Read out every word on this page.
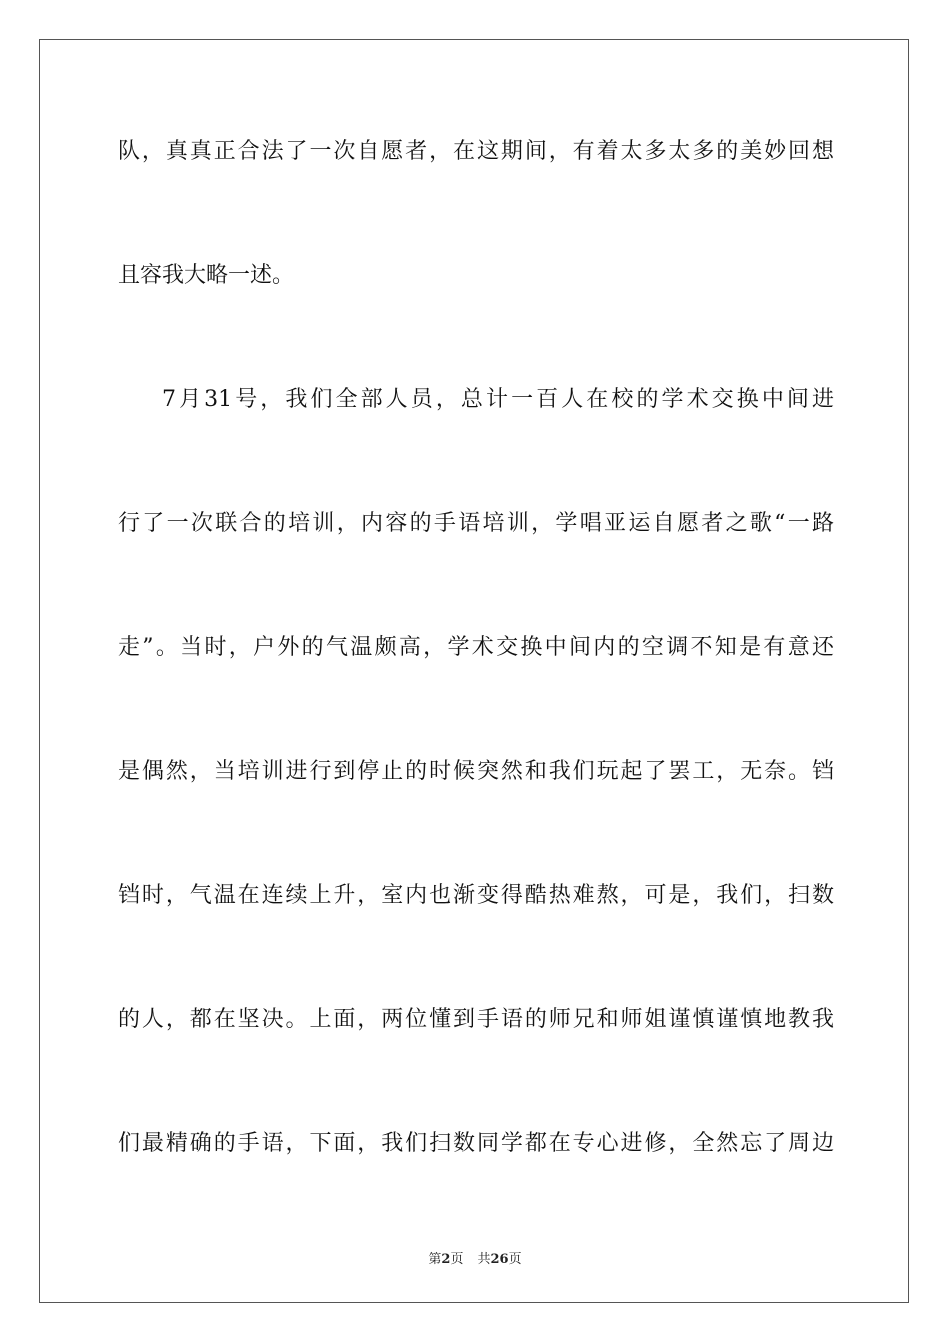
队，真真正合法了一次自愿者，在这期间，有着太多太多的美妙回想
且容我大略一述。
7月31号，我们全部人员，总计一百人在校的学术交换中间进
行了一次联合的培训，内容的手语培训，学唱亚运自愿者之歌“一路
走”。当时，户外的气温颇高，学术交换中间内的空调不知是有意还
是偶然，当培训进行到停止的时候突然和我们玩起了罢工，无奈。铛
铛时，气温在连续上升，室内也渐变得酷热难熬，可是，我们，扫数
的人，都在坚决。上面，两位懂到手语的师兄和师姐谨慎谨慎地教我
们最精确的手语，下面，我们扫数同学都在专心进修，全然忘了周边
第2页 共26页
